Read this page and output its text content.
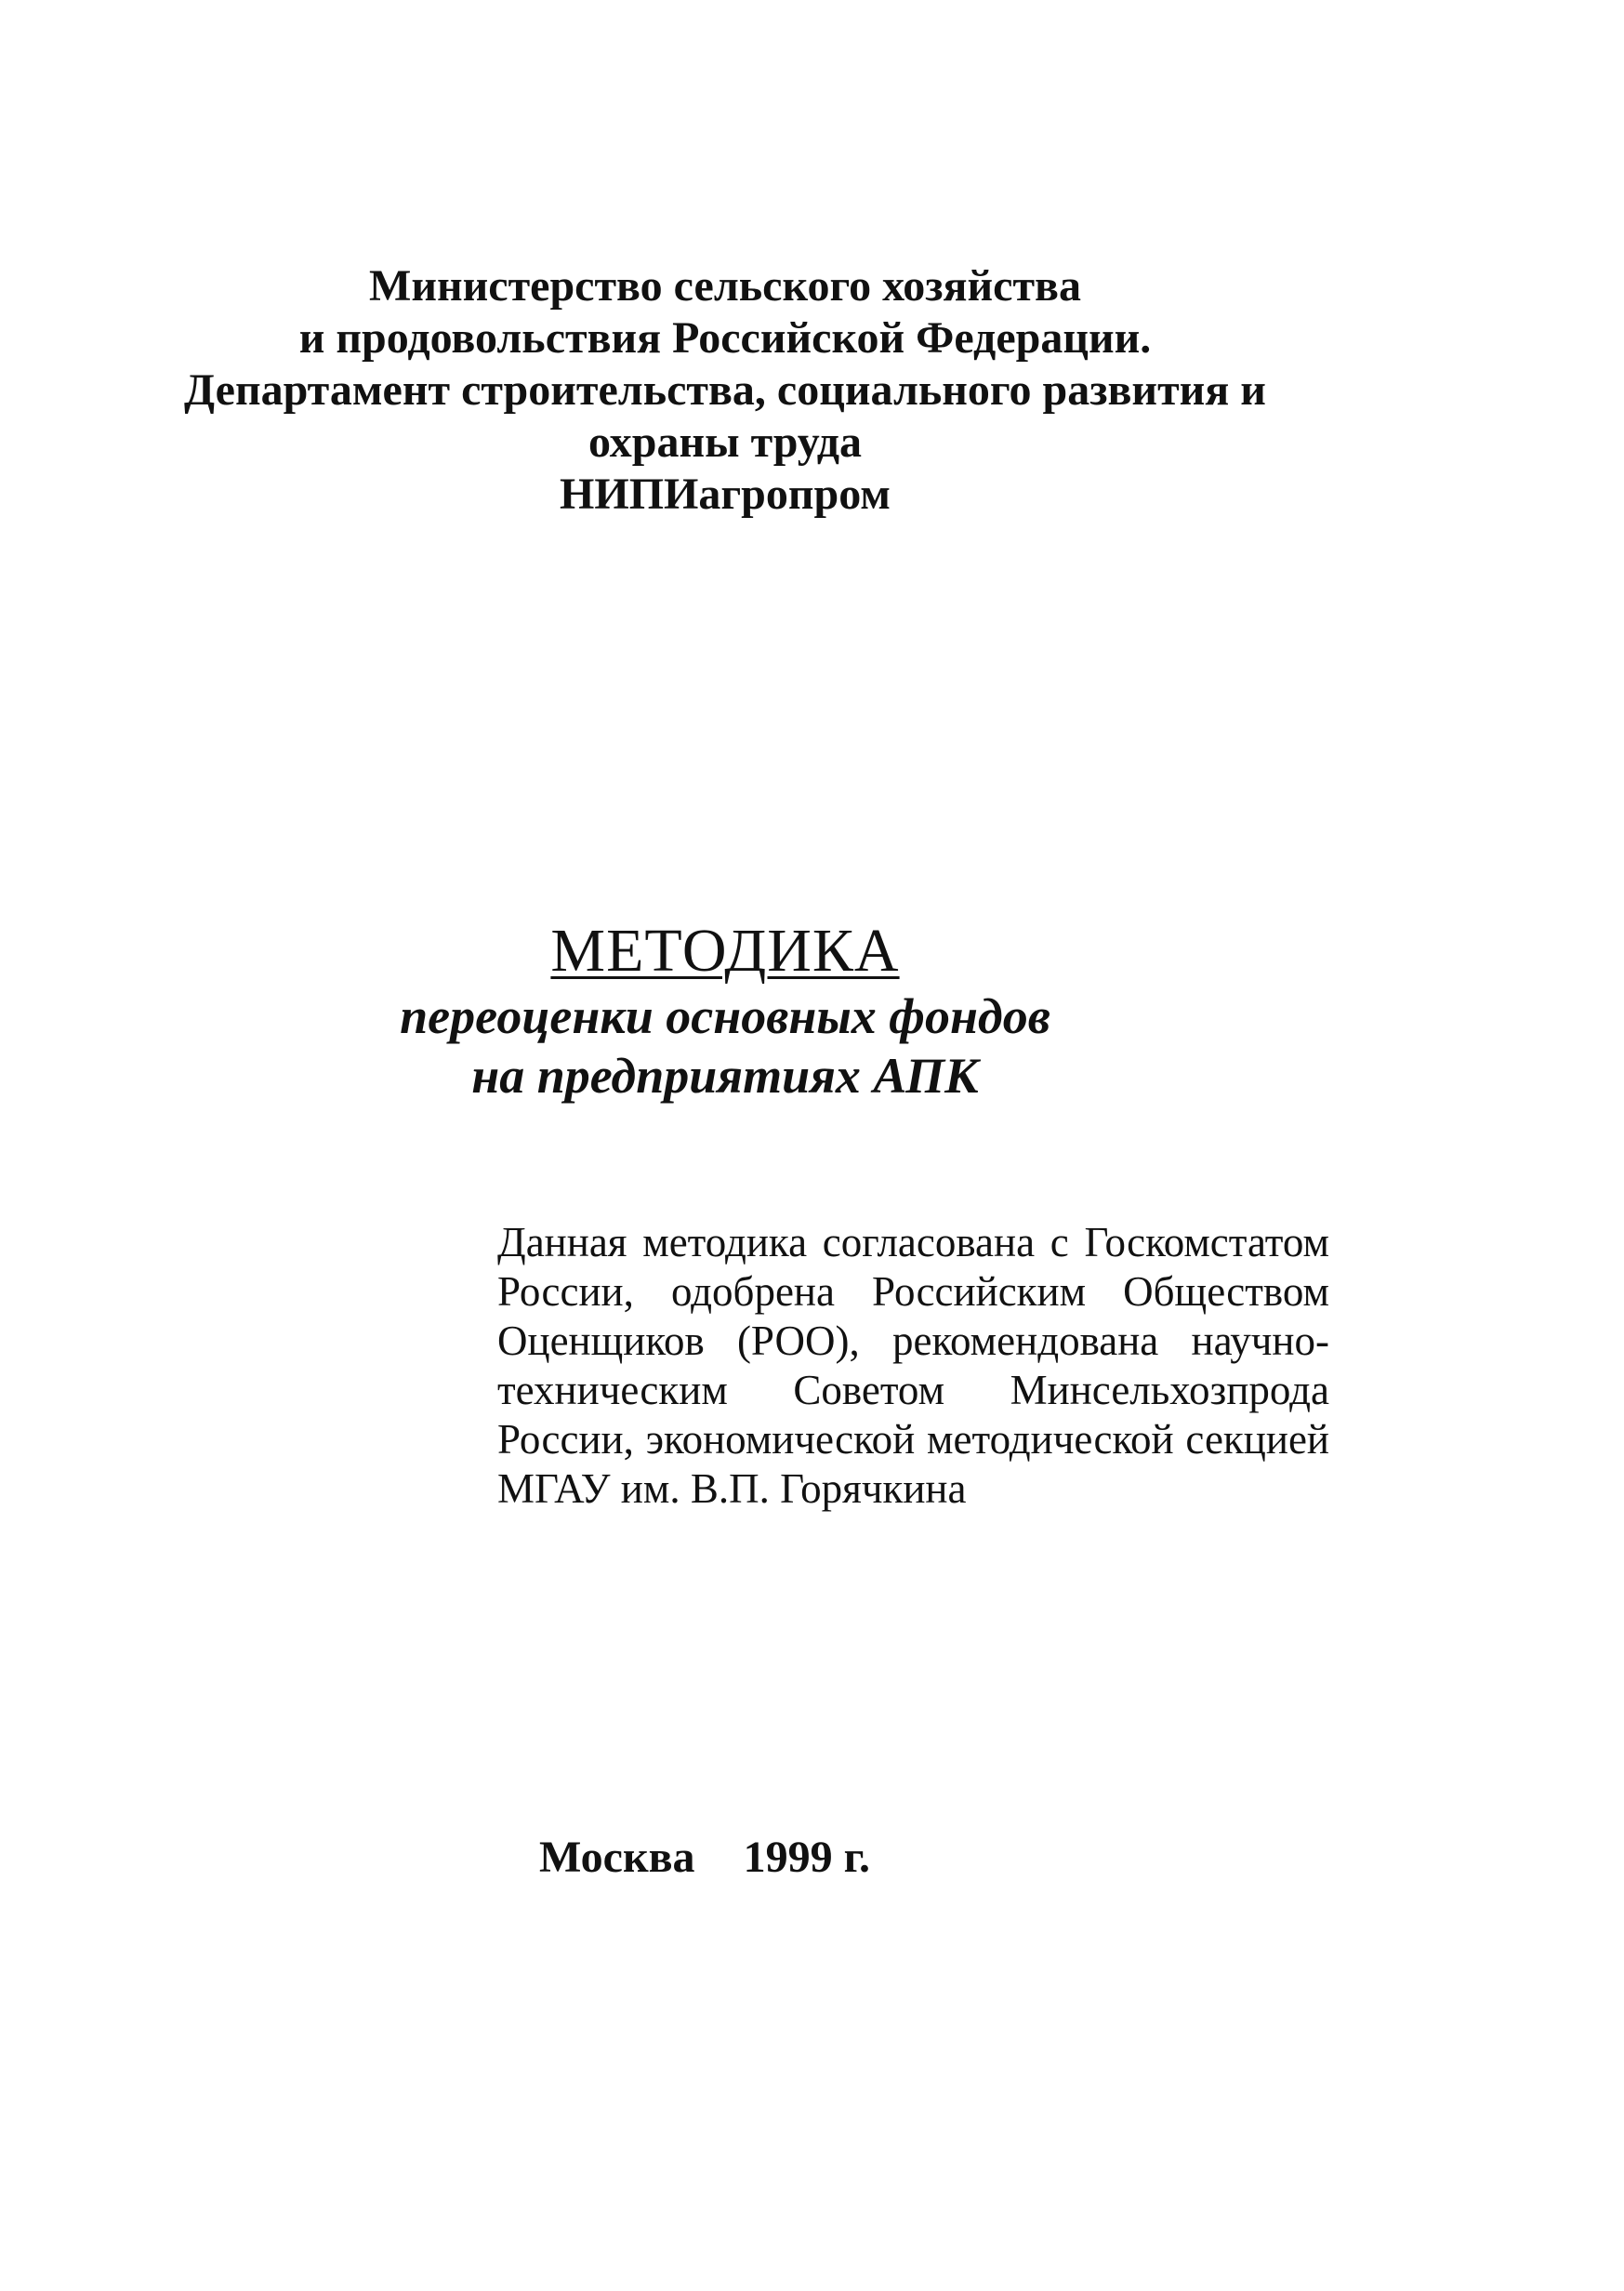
Министерство сельского хозяйства
и продовольствия Российской Федерации.
Департамент строительства, социального развития и
охраны труда
НИПИагропром
МЕТОДИКА
переоценки основных фондов
на предприятиях АПК

Данная методика согласована с Госкомстатом России, одобрена Российским Обществом Оценщиков (РОО), рекомендована научно-техническим Советом Минсельхозпрода России, экономической методической секцией МГАУ им. В.П. Горячкина

Москва 1999 г.
